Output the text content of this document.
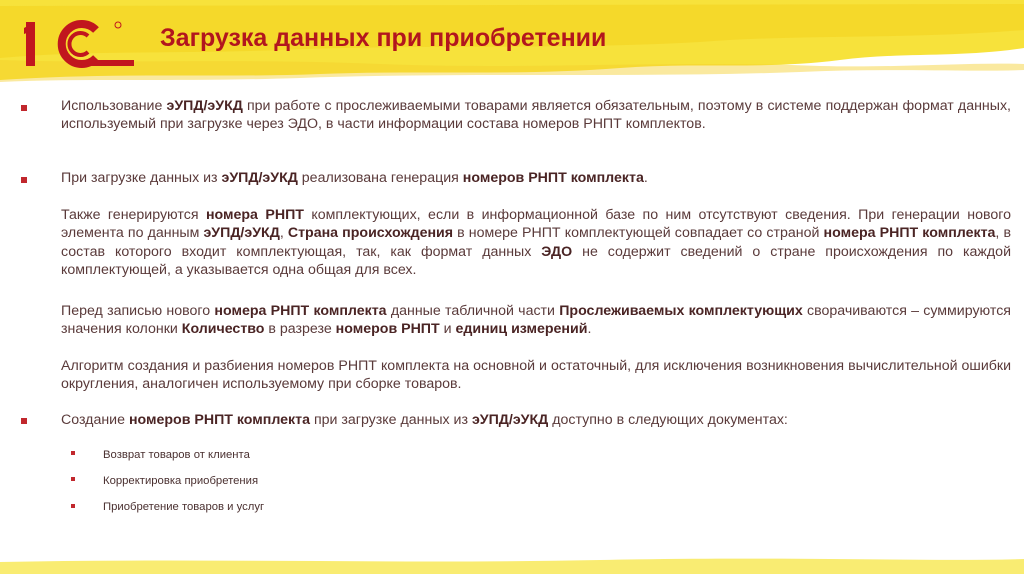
Загрузка данных при приобретении
Использование эУПД/эУКД при работе с прослеживаемыми товарами является обязательным, поэтому в системе поддержан формат данных, используемый при загрузке через ЭДО, в части информации состава номеров РНПТ комплектов.
При загрузке данных из эУПД/эУКД реализована генерация номеров РНПТ комплекта.
Также генерируются номера РНПТ комплектующих, если в информационной базе по ним отсутствуют сведения. При генерации нового элемента по данным эУПД/эУКД, Страна происхождения в номере РНПТ комплектующей совпадает со страной номера РНПТ комплекта, в состав которого входит комплектующая, так, как формат данных ЭДО не содержит сведений о стране происхождения по каждой комплектующей, а указывается одна общая для всех.
Перед записью нового номера РНПТ комплекта данные табличной части Прослеживаемых комплектующих сворачиваются – суммируются значения колонки Количество в разрезе номеров РНПТ и единиц измерений.
Алгоритм создания и разбиения номеров РНПТ комплекта на основной и остаточный, для исключения возникновения вычислительной ошибки округления, аналогичен используемому при сборке товаров.
Создание номеров РНПТ комплекта при загрузке данных из эУПД/эУКД доступно в следующих документах:
Возврат товаров от клиента
Корректировка приобретения
Приобретение товаров и услуг
